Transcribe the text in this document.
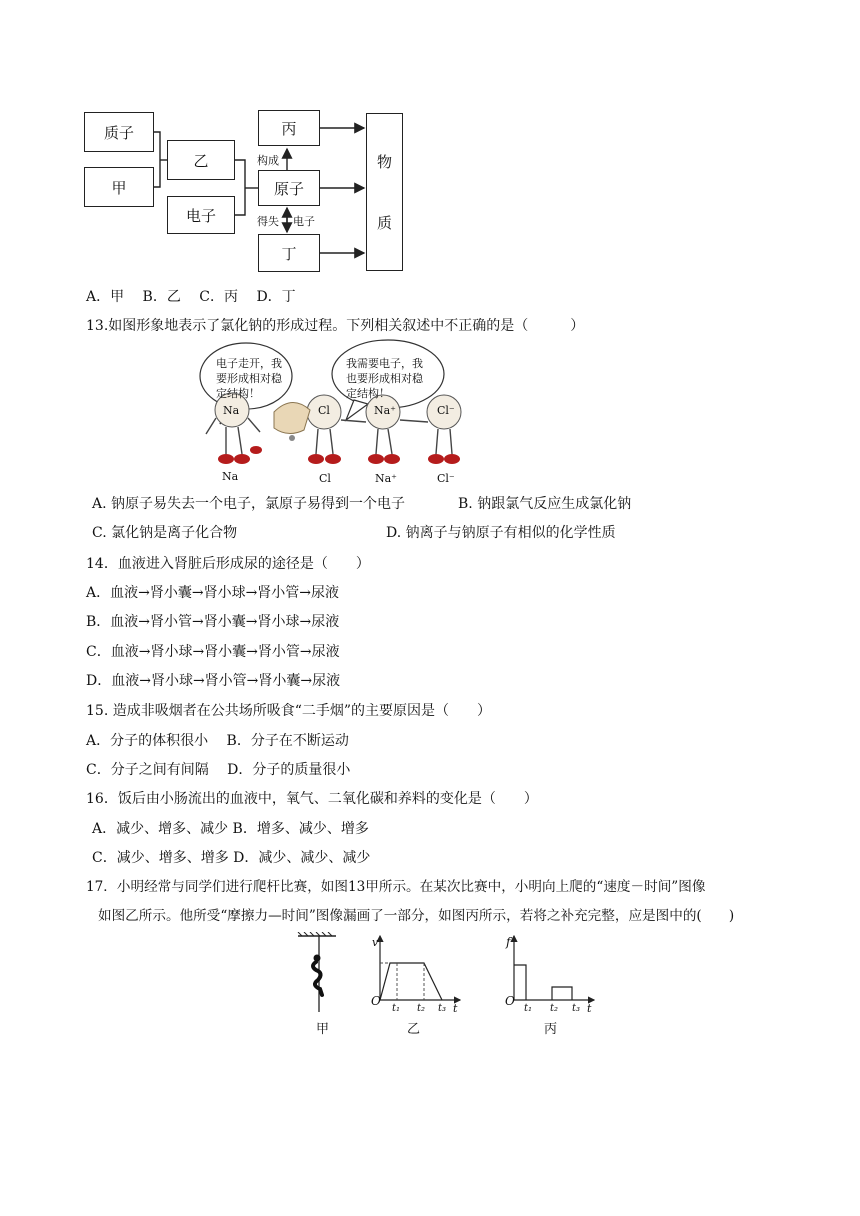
质子
甲
乙
电子
丙
原子
丁
物
质
构成
得失 电子
A．甲　 B．乙　 C．丙　 D．丁
13.如图形象地表示了氯化钠的形成过程。下列相关叙述中不正确的是（　　　）
电子走开，我
要形成相对稳
定结构！
我需要电子，我
也要形成相对稳
定结构！
Na	Cl	Na⁺	Cl⁻
Na	Cl	Na⁺	Cl⁻
A. 钠原子易失去一个电子，氯原子易得到一个电子	B. 钠跟氯气反应生成氯化钠
C. 氯化钠是离子化合物	D. 钠离子与钠原子有相似的化学性质
14．血液进入肾脏后形成尿的途径是（　　）
A．血液→肾小囊→肾小球→肾小管→尿液
B．血液→肾小管→肾小囊→肾小球→尿液
C．血液→肾小球→肾小囊→肾小管→尿液
D．血液→肾小球→肾小管→肾小囊→尿液
15. 造成非吸烟者在公共场所吸食“二手烟”的主要原因是（　　）
A．分子的体积很小　 B．分子在不断运动
C．分子之间有间隔　 D．分子的质量很小
16．饭后由小肠流出的血液中，氧气、二氧化碳和养料的变化是（　　）
A．减少、增多、减少 B．增多、减少、增多
C．减少、增多、增多 D．减少、减少、减少
17．小明经常与同学们进行爬杆比赛，如图13甲所示。在某次比赛中，小明向上爬的“速度－时间”图像
如图乙所示。他所受“摩擦力—时间”图像漏画了一部分，如图丙所示，若将之补充完整，应是图中的(　　)
甲
v
O
t
t₁ t₂ t₃
乙
f
O
t
t₁ t₂ t₃
丙
